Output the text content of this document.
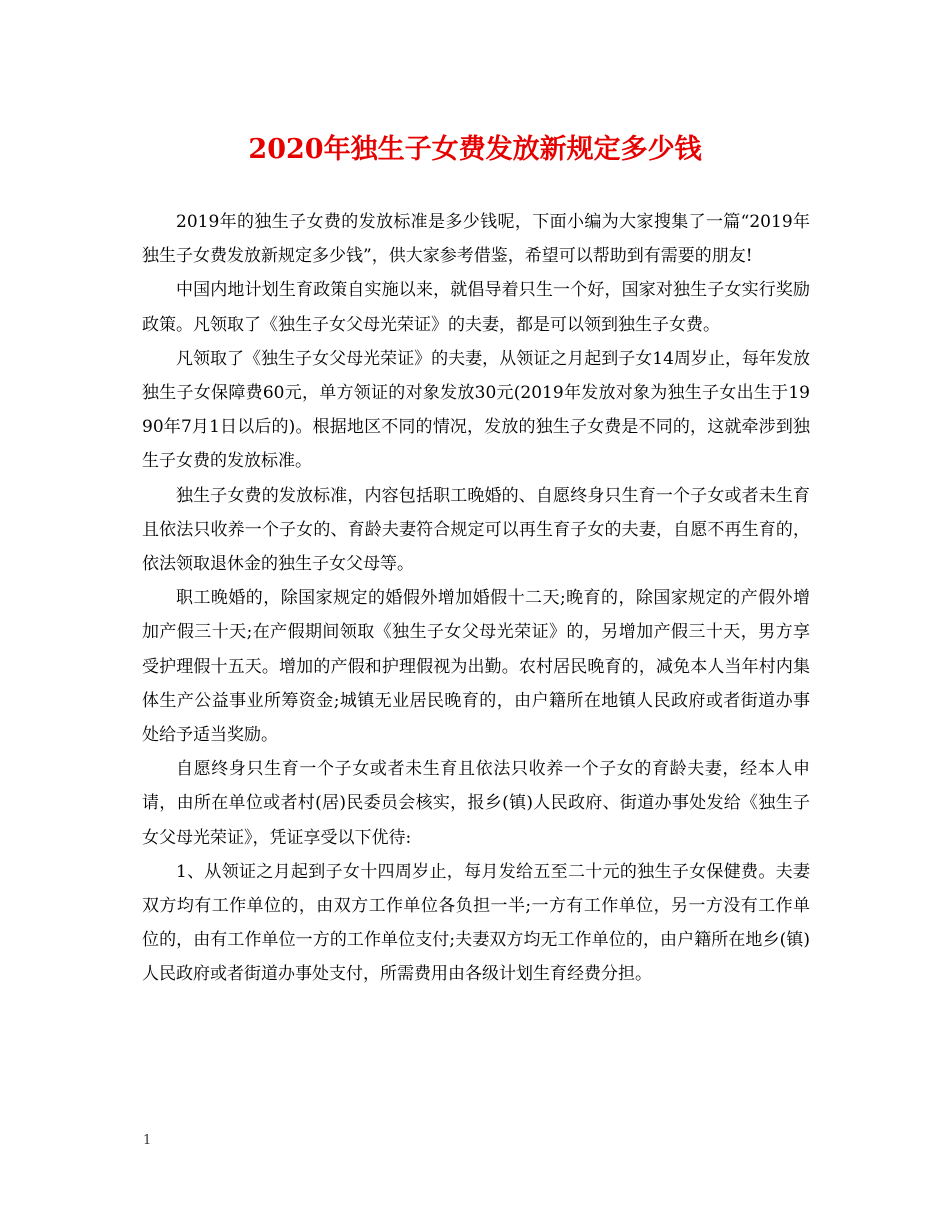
2020年独生子女费发放新规定多少钱

2019年的独生子女费的发放标准是多少钱呢，下面小编为大家搜集了一篇“2019年独生子女费发放新规定多少钱”，供大家参考借鉴，希望可以帮助到有需要的朋友!

中国内地计划生育政策自实施以来，就倡导着只生一个好，国家对独生子女实行奖励政策。凡领取了《独生子女父母光荣证》的夫妻，都是可以领到独生子女费。

凡领取了《独生子女父母光荣证》的夫妻，从领证之月起到子女14周岁止，每年发放独生子女保障费60元，单方领证的对象发放30元(2019年发放对象为独生子女出生于1990年7月1日以后的)。根据地区不同的情况，发放的独生子女费是不同的，这就牵涉到独生子女费的发放标准。

独生子女费的发放标准，内容包括职工晚婚的、自愿终身只生育一个子女或者未生育且依法只收养一个子女的、育龄夫妻符合规定可以再生育子女的夫妻，自愿不再生育的，依法领取退休金的独生子女父母等。

职工晚婚的，除国家规定的婚假外增加婚假十二天;晚育的，除国家规定的产假外增加产假三十天;在产假期间领取《独生子女父母光荣证》的，另增加产假三十天，男方享受护理假十五天。增加的产假和护理假视为出勤。农村居民晚育的，减免本人当年村内集体生产公益事业所筹资金;城镇无业居民晚育的，由户籍所在地镇人民政府或者街道办事处给予适当奖励。

自愿终身只生育一个子女或者未生育且依法只收养一个子女的育龄夫妻，经本人申请，由所在单位或者村(居)民委员会核实，报乡(镇)人民政府、街道办事处发给《独生子女父母光荣证》，凭证享受以下优待:

1、从领证之月起到子女十四周岁止，每月发给五至二十元的独生子女保健费。夫妻双方均有工作单位的，由双方工作单位各负担一半;一方有工作单位，另一方没有工作单位的，由有工作单位一方的工作单位支付;夫妻双方均无工作单位的，由户籍所在地乡(镇)人民政府或者街道办事处支付，所需费用由各级计划生育经费分担。

1
